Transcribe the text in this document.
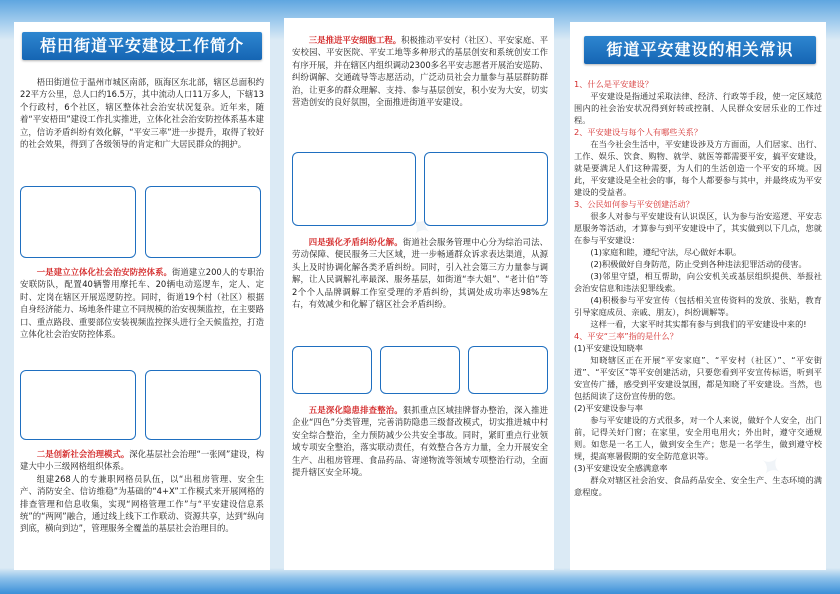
梧田街道平安建设工作简介

梧田街道位于温州市城区南部，瓯海区东北部，辖区总面积约22平方公里，总人口约16.5万，其中流动人口11万多人，下辖13个行政村，6个社区，辖区整体社会治安状况复杂。近年来，随着“平安梧田”建设工作扎实推进，立体化社会治安防控体系基本建立，信访矛盾纠纷有效化解，“平安三率”进一步提升，取得了较好的社会效果，得到了各级领导的肯定和广大居民群众的拥护。

一是建立立体化社会治安防控体系。街道建立200人的专职治安联防队，配置40辆警用摩托车、20辆电动巡逻车，定人、定时、定岗在辖区开展巡逻防控。同时，街道19个村（社区）根据自身经济能力、场地条件建立不同规模的治安视频监控，在主要路口、重点路段、重要部位安装视频监控探头进行全天候监控，打造立体化社会治安防控体系。

二是创新社会治理模式。深化基层社会治理“一张网”建设，构建大中小三级网格组织体系。

组建268人的专兼职网格员队伍，以“出租房管理、安全生产、消防安全、信访维稳”为基础的“4+X”工作模式来开展网格的排查管理和信息收集，实现“网格管理工作”与“平安建设信息系统”的“两网”融合，通过线上线下工作联动、资源共享，达到“纵向到底，横向到边”，管理服务全覆盖的基层社会治理目的。

三是推进平安细胞工程。积极推动平安村（社区）、平安家庭、平安校园、平安医院、平安工地等多种形式的基层创安和系统创安工作有序开展，并在辖区内组织调动2300多名平安志愿者开展治安巡防、纠纷调解、交通疏导等志愿活动，广泛动员社会力量参与基层群防群治，让更多的群众理解、支持、参与基层创安，积小安为大安，切实营造创安的良好氛围，全面推进街道平安建设。

四是强化矛盾纠纷化解。街道社会服务管理中心分为综治司法、劳动保障、便民服务三大区域，进一步畅通群众诉求表达渠道，从源头上及时协调化解各类矛盾纠纷。同时，引入社会第三方力量参与调解，让人民调解礼率最深、服务基层，如街道“李大姐”、“老计伯”等2个个人品牌调解工作室受理的矛盾纠纷，其调处成功率达98%左右，有效减少和化解了辖区社会矛盾纠纷。

五是深化隐患排查整治。狠抓重点区域挂牌督办整治，深入推进企业“四色”分类管理，完善消防隐患三级督改模式，切实推进城中村安全综合整治，全力预防减少公共安全事故。同时，紧盯重点行业领域专项安全整治，落实联动责任，有效整合各方力量，全力开展安全生产、出租房管理、食品药品、寄递物流等领域专项整治行动，全面提升辖区安全环境。

街道平安建设的相关常识
1、什么是平安建设？

平安建设是指通过采取法律、经济、行政等手段，使一定区域范围内的社会治安状况得到好转或控制、人民群众安居乐业的工作过程。

2、平安建设与每个人有哪些关系？

在当今社会生活中，平安建设涉及方方面面，人们居家、出行、工作、娱乐、饮食、购物、就学、就医等都需要平安，搞平安建设，就是要满足人们这种需要，为人们的生活创造一个平安的环境。因此，平安建设是全社会的事，每个人都要参与其中，并最终成为平安建设的受益者。

3、公民如何参与平安创建活动？

很多人对参与平安建设有认识误区，认为参与治安巡逻、平安志愿服务等活动，才算参与到平安建设中了，其实做到以下几点，您就在参与平安建设：

(1)家庭和睦，遵纪守法，尽心做好本职。

(2)积极做好自身防范，防止受到各种违法犯罪活动的侵害。

(3)邻里守望，相互帮助，向公安机关或基层组织提供、举报社会治安信息和违法犯罪线索。

(4)积极参与平安宣传（包括相关宣传资料的发放、张贴，教育引导家庭成员、亲戚、朋友），纠纷调解等。

这样一看，大家平时其实都有参与到我们的平安建设中来的!

4、平安“三率”指的是什么？
(1)平安建设知晓率

知晓辖区正在开展“平安家庭”、“平安村（社区）”、“平安街道”、“平安区”等平安创建活动，只要您看到平安宣传标语，听到平安宣传广播，感受到平安建设氛围，都是知晓了平安建设。当然，也包括阅读了这份宣传册的您。

(2)平安建设参与率

参与平安建设的方式很多，对一个人来说，做好个人安全，出门前，记得关好门窗；在家里，安全用电用火；外出时，遵守交通规则。如您是一名工人，做到安全生产；您是一名学生，做到遵守校规，提高寒暑假期的安全防范意识等。

(3)平安建设安全感满意率

群众对辖区社会治安、食品药品安全、安全生产、生态环境的满意程度。
